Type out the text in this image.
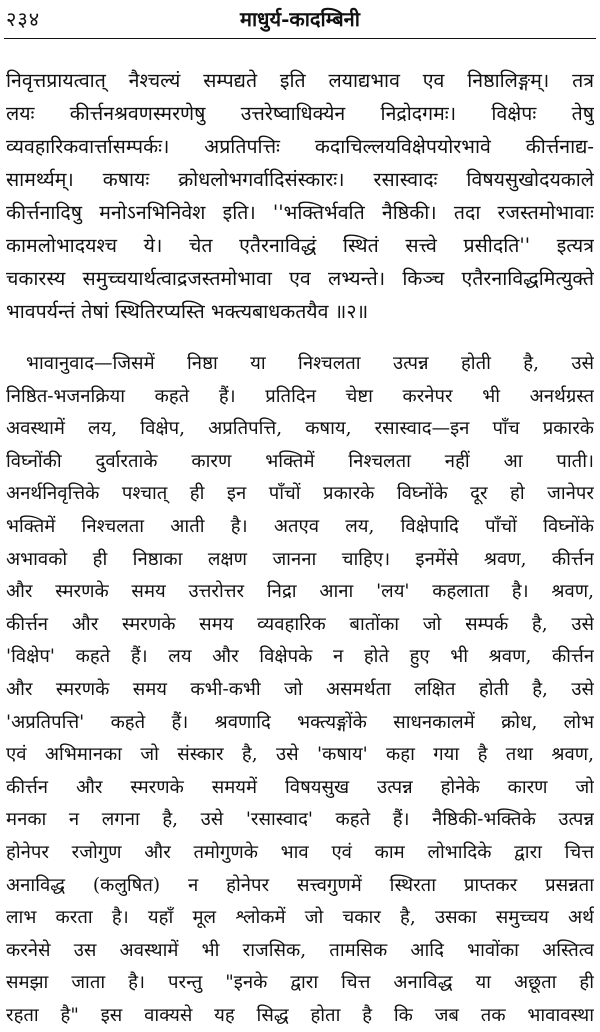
२३४	माधुर्य-कादम्बिनी
निवृत्तप्रायत्वात् नैश्चल्यं सम्पद्यते इति लयाद्यभाव एव निष्ठालिङ्गम्। तत्र
लयः कीर्त्तनश्रवणस्मरणेषु उत्तरेष्वाधिक्येन निद्रोदगमः। विक्षेपः तेषु
व्यवहारिकवार्त्तासम्पर्कः। अप्रतिपत्तिः कदाचिल्लयविक्षेपयोरभावे कीर्त्तनाद्य-
सामर्थ्यम्। कषायः क्रोधलोभगर्वादिसंस्कारः। रसास्वादः विषयसुखोदयकाले
कीर्त्तनादिषु मनोऽनभिनिवेश इति। ''भक्तिर्भवति नैष्ठिकी। तदा रजस्तमोभावाः
कामलोभादयश्च ये। चेत एतैरनाविद्धं स्थितं सत्त्वे प्रसीदति'' इत्यत्र
चकारस्य समुच्चयार्थत्वाद्रजस्तमोभावा एव लभ्यन्ते। किञ्च एतैरनाविद्धमित्युक्ते
भावपर्यन्तं तेषां स्थितिरप्यस्ति भक्त्यबाधकतयैव ॥२॥
भावानुवाद—जिसमें निष्ठा या निश्चलता उत्पन्न होती है, उसे
निष्ठित-भजनक्रिया कहते हैं। प्रतिदिन चेष्टा करनेपर भी अनर्थग्रस्त
अवस्थामें लय, विक्षेप, अप्रतिपत्ति, कषाय, रसास्वाद—इन पाँच प्रकारके
विघ्नोंकी दुर्वारताके कारण भक्तिमें निश्चलता नहीं आ पाती।
अनर्थनिवृत्तिके पश्चात् ही इन पाँचों प्रकारके विघ्नोंके दूर हो जानेपर
भक्तिमें निश्चलता आती है। अतएव लय, विक्षेपादि पाँचों विघ्नोंके
अभावको ही निष्ठाका लक्षण जानना चाहिए। इनमेंसे श्रवण, कीर्त्तन
और स्मरणके समय उत्तरोत्तर निद्रा आना 'लय' कहलाता है। श्रवण,
कीर्त्तन और स्मरणके समय व्यवहारिक बातोंका जो सम्पर्क है, उसे
'विक्षेप' कहते हैं। लय और विक्षेपके न होते हुए भी श्रवण, कीर्त्तन
और स्मरणके समय कभी-कभी जो असमर्थता लक्षित होती है, उसे
'अप्रतिपत्ति' कहते हैं। श्रवणादि भक्त्यङ्गोंके साधनकालमें क्रोध, लोभ
एवं अभिमानका जो संस्कार है, उसे 'कषाय' कहा गया है तथा श्रवण,
कीर्त्तन और स्मरणके समयमें विषयसुख उत्पन्न होनेके कारण जो
मनका न लगना है, उसे 'रसास्वाद' कहते हैं। नैष्ठिकी-भक्तिके उत्पन्न
होनेपर रजोगुण और तमोगुणके भाव एवं काम लोभादिके द्वारा चित्त
अनाविद्ध (कलुषित) न होनेपर सत्त्वगुणमें स्थिरता प्राप्तकर प्रसन्नता
लाभ करता है। यहाँ मूल श्लोकमें जो चकार है, उसका समुच्चय अर्थ
करनेसे उस अवस्थामें भी राजसिक, तामसिक आदि भावोंका अस्तित्व
समझा जाता है। परन्तु "इनके द्वारा चित्त अनाविद्ध या अछूता ही
रहता है" इस वाक्यसे यह सिद्ध होता है कि जब तक भावावस्था
